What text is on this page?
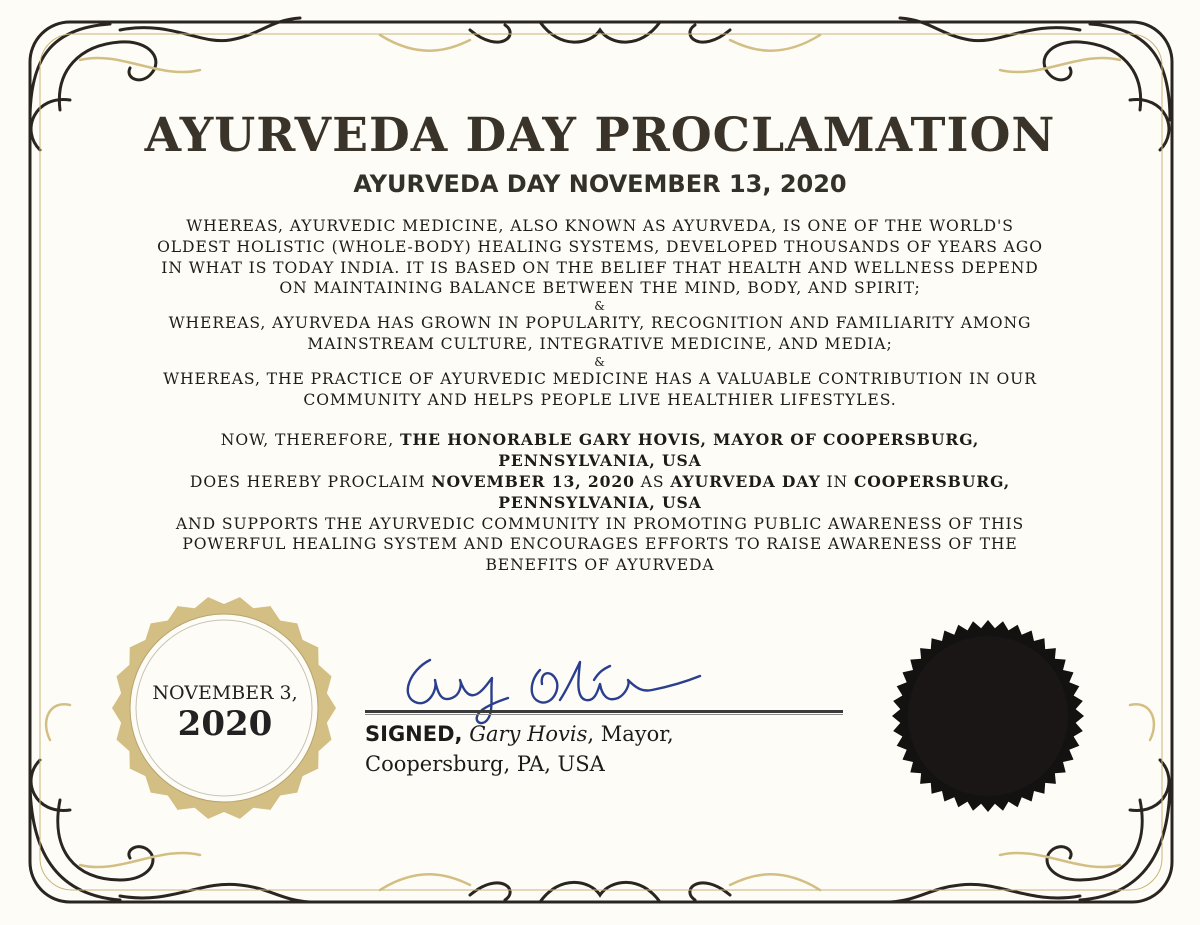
AYURVEDA DAY PROCLAMATION
AYURVEDA DAY NOVEMBER 13, 2020

WHEREAS, AYURVEDIC MEDICINE, ALSO KNOWN AS AYURVEDA, IS ONE OF THE WORLD'S

OLDEST HOLISTIC (WHOLE-BODY) HEALING SYSTEMS, DEVELOPED THOUSANDS OF YEARS AGO

IN WHAT IS TODAY INDIA. IT IS BASED ON THE BELIEF THAT HEALTH AND WELLNESS DEPEND

ON MAINTAINING BALANCE BETWEEN THE MIND, BODY, AND SPIRIT;

&

WHEREAS, AYURVEDA HAS GROWN IN POPULARITY, RECOGNITION AND FAMILIARITY AMONG

MAINSTREAM CULTURE, INTEGRATIVE MEDICINE, AND MEDIA;

&

WHEREAS, THE PRACTICE OF AYURVEDIC MEDICINE HAS A VALUABLE CONTRIBUTION IN OUR

COMMUNITY AND HELPS PEOPLE LIVE HEALTHIER LIFESTYLES.

NOW, THEREFORE, THE HONORABLE GARY HOVIS, MAYOR OF COOPERSBURG,

PENNSYLVANIA, USA

DOES HEREBY PROCLAIM NOVEMBER 13, 2020 AS AYURVEDA DAY IN COOPERSBURG,

PENNSYLVANIA, USA

AND SUPPORTS THE AYURVEDIC COMMUNITY IN PROMOTING PUBLIC AWARENESS OF THIS

POWERFUL HEALING SYSTEM AND ENCOURAGES EFFORTS TO RAISE AWARENESS OF THE

BENEFITS OF AYURVEDA

NOVEMBER 3,
2020	SIGNED, Gary Hovis, Mayor,
Coopersburg, PA, USA
